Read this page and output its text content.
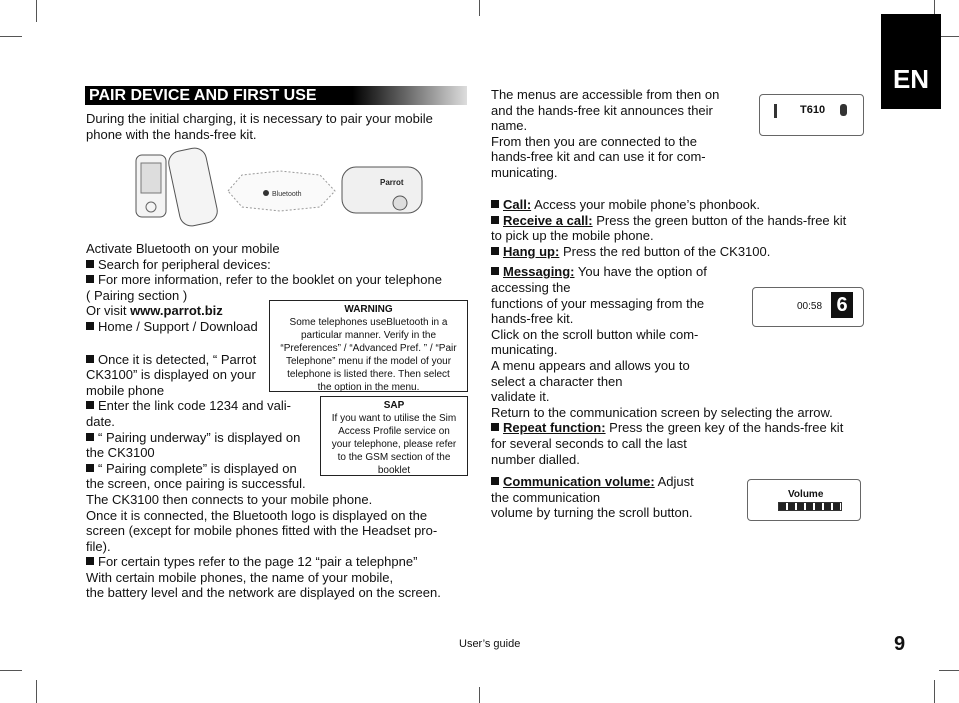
EN
PAIR DEVICE AND FIRST USE
During the initial charging, it is necessary to pair your mobile
phone with the hands-free kit.
Bluetooth
Parrot
Activate Bluetooth on your mobile
Search for peripheral devices:
For more information, refer to the booklet on your telephone
( Pairing section )
Or visit www.parrot.biz
Home / Support / Download
Once it is detected, “ Parrot
CK3100” is displayed on your
mobile phone
Enter the link code 1234 and vali-
date.
“ Pairing underway” is displayed on
the CK3100
“ Pairing complete” is displayed on
the screen, once pairing is successful.
The CK3100 then connects to your mobile phone.
Once it is connected, the Bluetooth logo is displayed on the
screen (except for mobile phones fitted with the Headset pro-
file).
For certain types refer to the page 12 “pair a telephpne”
With certain mobile phones, the name of your mobile,
the battery level and the network are displayed on the screen.
WARNING
Some telephones useBluetooth in a
particular manner. Verify in the
“Preferences” / “Advanced Pref. ” / “Pair
Telephone” menu if the model of your
telephone is listed there. Then select
the option in the menu.
SAP
If you want to utilise the Sim
Access Profile service on
your telephone, please refer
to the GSM section of the
booklet
The menus are accessible from then on
and the hands-free kit announces their
name.
From then you are connected to the
hands-free kit and can use it for com-
municating.
T610
Call: Access your mobile phone’s phonbook.
Receive a call: Press the green button of the hands-free kit
to pick up the mobile phone.
Hang up: Press the red button of the CK3100.
Messaging: You have the option of
accessing the
functions of your messaging from the
hands-free kit.
Click on the scroll button while com-
municating.
A menu appears and allows you to
select a character then
validate it.
Return to the communication screen by selecting the arrow.
Repeat function: Press the green key of the hands-free kit
for several seconds to call the last
number dialled.
Communication volume: Adjust
the communication
volume by turning the scroll button.
00:58 6
Volume
User’s guide	9
